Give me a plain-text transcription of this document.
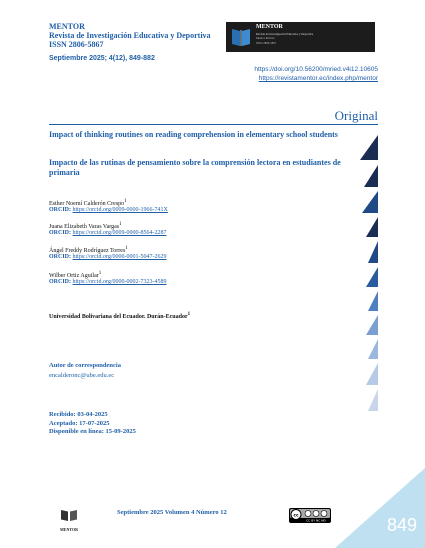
MENTOR
Revista de Investigación Educativa y Deportiva
ISSN 2806-5867
Septiembre 2025; 4(12), 849-882
MENTOR
Revista de Investigación Educativa y Deportiva
Mentor Revista
ISSN 2806-5867
https://doi.org/10.56200/mried.v4i12.10605
https://revistamentor.ec/index.php/mentor
Original
Impact of thinking routines on reading comprehension in elementary school students
Impacto de las rutinas de pensamiento sobre la comprensión lectora en estudiantes de primaria
Esther Noemí Calderón Crespo$^1$
ORCID: https://orcid.org/0009-0000-1966-741X
Juana Elizabeth Varas Vargas$^1$
ORCID: https://orcid.org/0009-0000-8564-2287
Ángel Freddy Rodríguez Torres$^1$
ORCID: https://orcid.org/0000-0001-5047-2629
Wilber Ortiz Aguilar$^1$
ORCID: https://orcid.org/0000-0002-7323-4589
Universidad Bolivariana del Ecuador. Durán-Ecuador$^1$
Autor de correspondencia
encalderonc@ube.edu.ec
Recibido: 03-04-2025
Aceptado: 17-07-2025
Disponible en línea: 15-09-2025
MENTOR
Septiembre 2025 Volumen 4 Número 12	cc
CC BY NC ND	849
